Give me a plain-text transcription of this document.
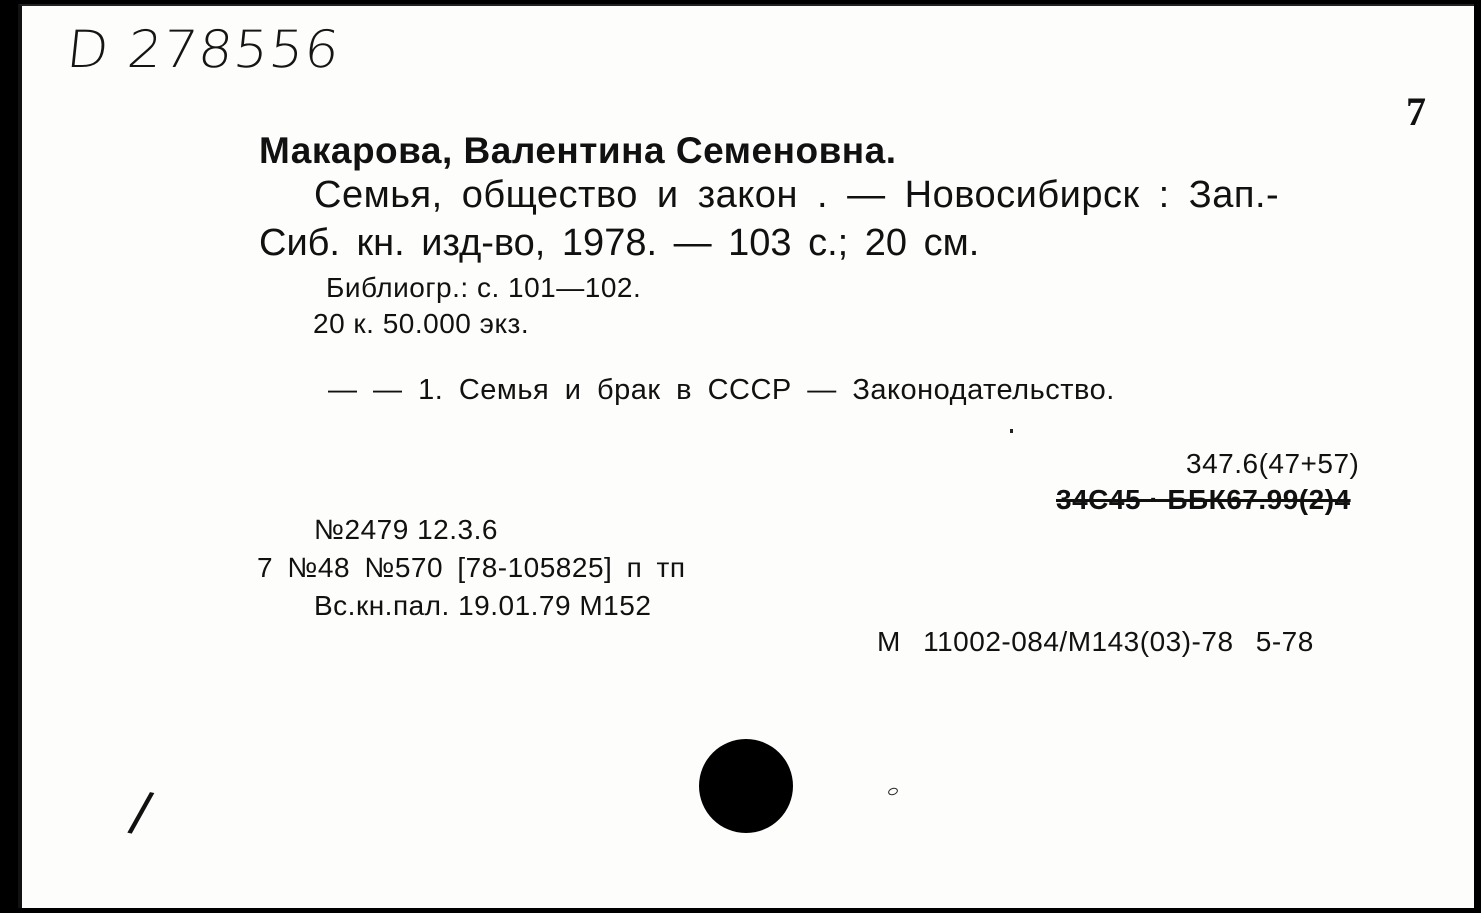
D 278556
7
Макарова, Валентина Семеновна.
Семья, общество и закон . — Новосибирск : Зап.-
Сиб. кн. изд-во, 1978. — 103 с.; 20 см.
Библиогр.: с. 101—102.
20 к. 50.000 экз.
— — 1. Семья и брак в СССР — Законодательство.
347.6(47+57)
34C45 · ББК67.99(2)4
№2479 12.3.6
7 №48 №570 [78-105825] п тп
Вс.кн.пал. 19.01.79 М152
М 11002-084/М143(03)-78 5-78
/
